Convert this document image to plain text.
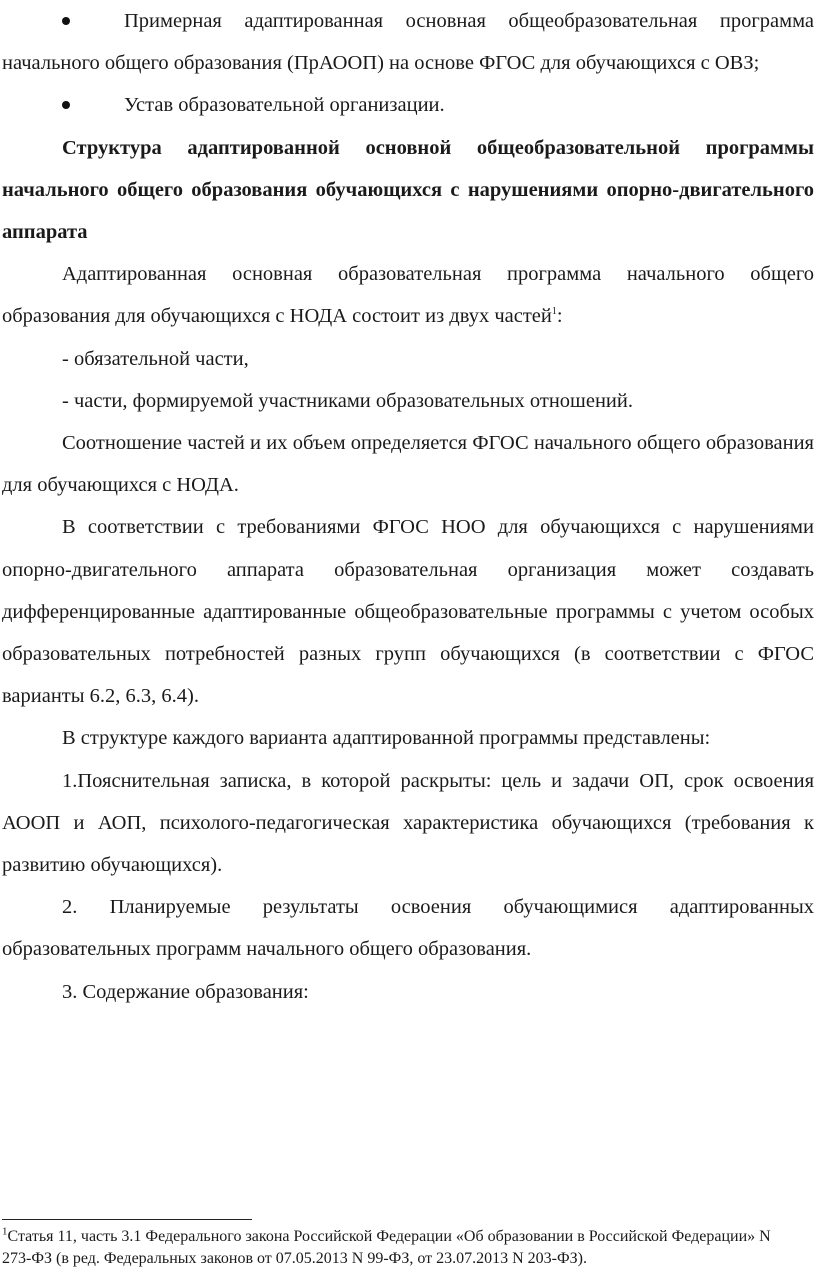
Примерная адаптированная основная общеобразовательная программа начального общего образования (ПрАООП) на основе ФГОС для обучающихся с ОВЗ;

Устав образовательной организации.

Структура адаптированной основной общеобразовательной программы начального общего образования обучающихся с нарушениями опорно-двигательного аппарата

Адаптированная основная образовательная программа начального общего образования для обучающихся с НОДА состоит из двух частей$^1$:

- обязательной части,

- части, формируемой участниками образовательных отношений.

Соотношение частей и их объем определяется ФГОС начального общего образования для обучающихся с НОДА.

В соответствии с требованиями ФГОС НОО для обучающихся с нарушениями опорно-двигательного аппарата образовательная организация может создавать дифференцированные адаптированные общеобразовательные программы с учетом особых образовательных потребностей разных групп обучающихся (в соответствии с ФГОС варианты 6.2, 6.3, 6.4).

В структуре каждого варианта адаптированной программы представлены:

1.Пояснительная записка, в которой раскрыты: цель и задачи ОП, срок освоения АООП и АОП, психолого-педагогическая характеристика обучающихся (требования к развитию обучающихся).

2. Планируемые результаты освоения обучающимися адаптированных образовательных программ начального общего образования.

3. Содержание образования:

$^1$Статья 11, часть 3.1 Федерального закона Российской Федерации «Об образовании в Российской Федерации» N 273-ФЗ (в ред. Федеральных законов от 07.05.2013 N 99-ФЗ, от 23.07.2013 N 203-ФЗ).
